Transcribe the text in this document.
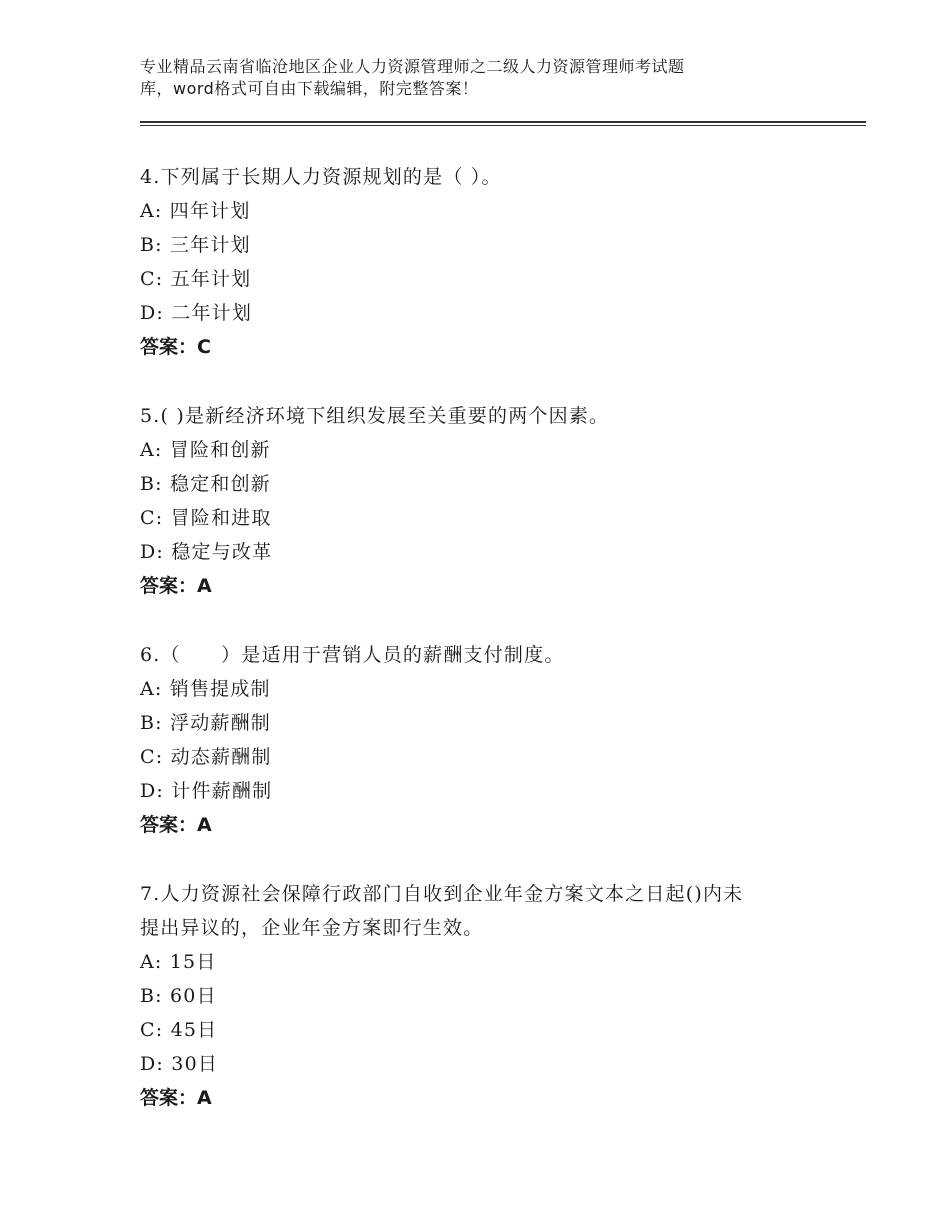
专业精品云南省临沧地区企业人力资源管理师之二级人力资源管理师考试题
库，word格式可自由下载编辑，附完整答案！

4.下列属于长期人力资源规划的是（ ）。

A: 四年计划

B: 三年计划

C: 五年计划

D: 二年计划

答案：C

5.( )是新经济环境下组织发展至关重要的两个因素。

A: 冒险和创新

B: 稳定和创新

C: 冒险和进取

D: 稳定与改革

答案：A

6.（　　）是适用于营销人员的薪酬支付制度。

A: 销售提成制

B: 浮动薪酬制

C: 动态薪酬制

D: 计件薪酬制

答案：A

7.人力资源社会保障行政部门自收到企业年金方案文本之日起()内未

提出异议的，企业年金方案即行生效。

A: 15日

B: 60日

C: 45日

D: 30日

答案：A
